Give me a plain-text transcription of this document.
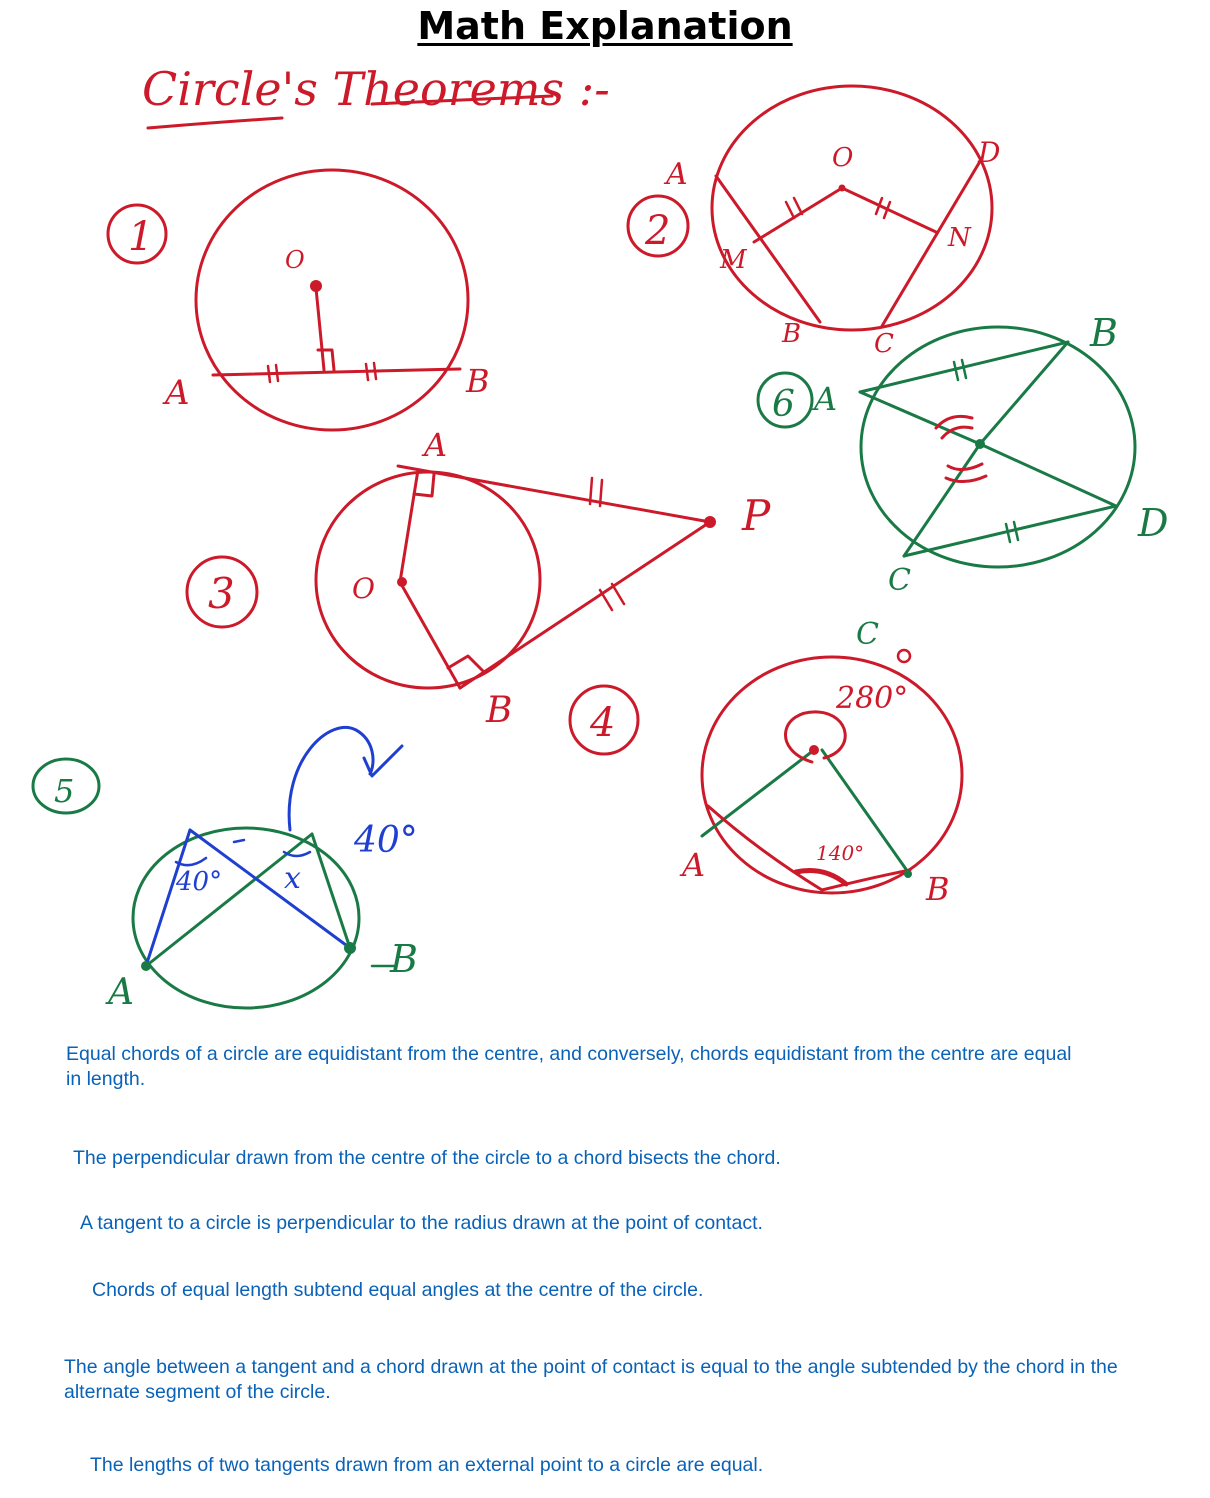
Math Explanation
Circle's Theorems :-
1	O
A	B
2
O
A
D
M
N
B	C
6 A
B
C
D
3
A
O
B
P
4
C
280°
140°
A
B
5
40° x
40°
A
B

Equal chords of a circle are equidistant from the centre, and conversely, chords equidistant from the centre are equal in length.

The perpendicular drawn from the centre of the circle to a chord bisects the chord.

A tangent to a circle is perpendicular to the radius drawn at the point of contact.

Chords of equal length subtend equal angles at the centre of the circle.

The angle between a tangent and a chord drawn at the point of contact is equal to the angle subtended by the chord in the alternate segment of the circle.

The lengths of two tangents drawn from an external point to a circle are equal.
